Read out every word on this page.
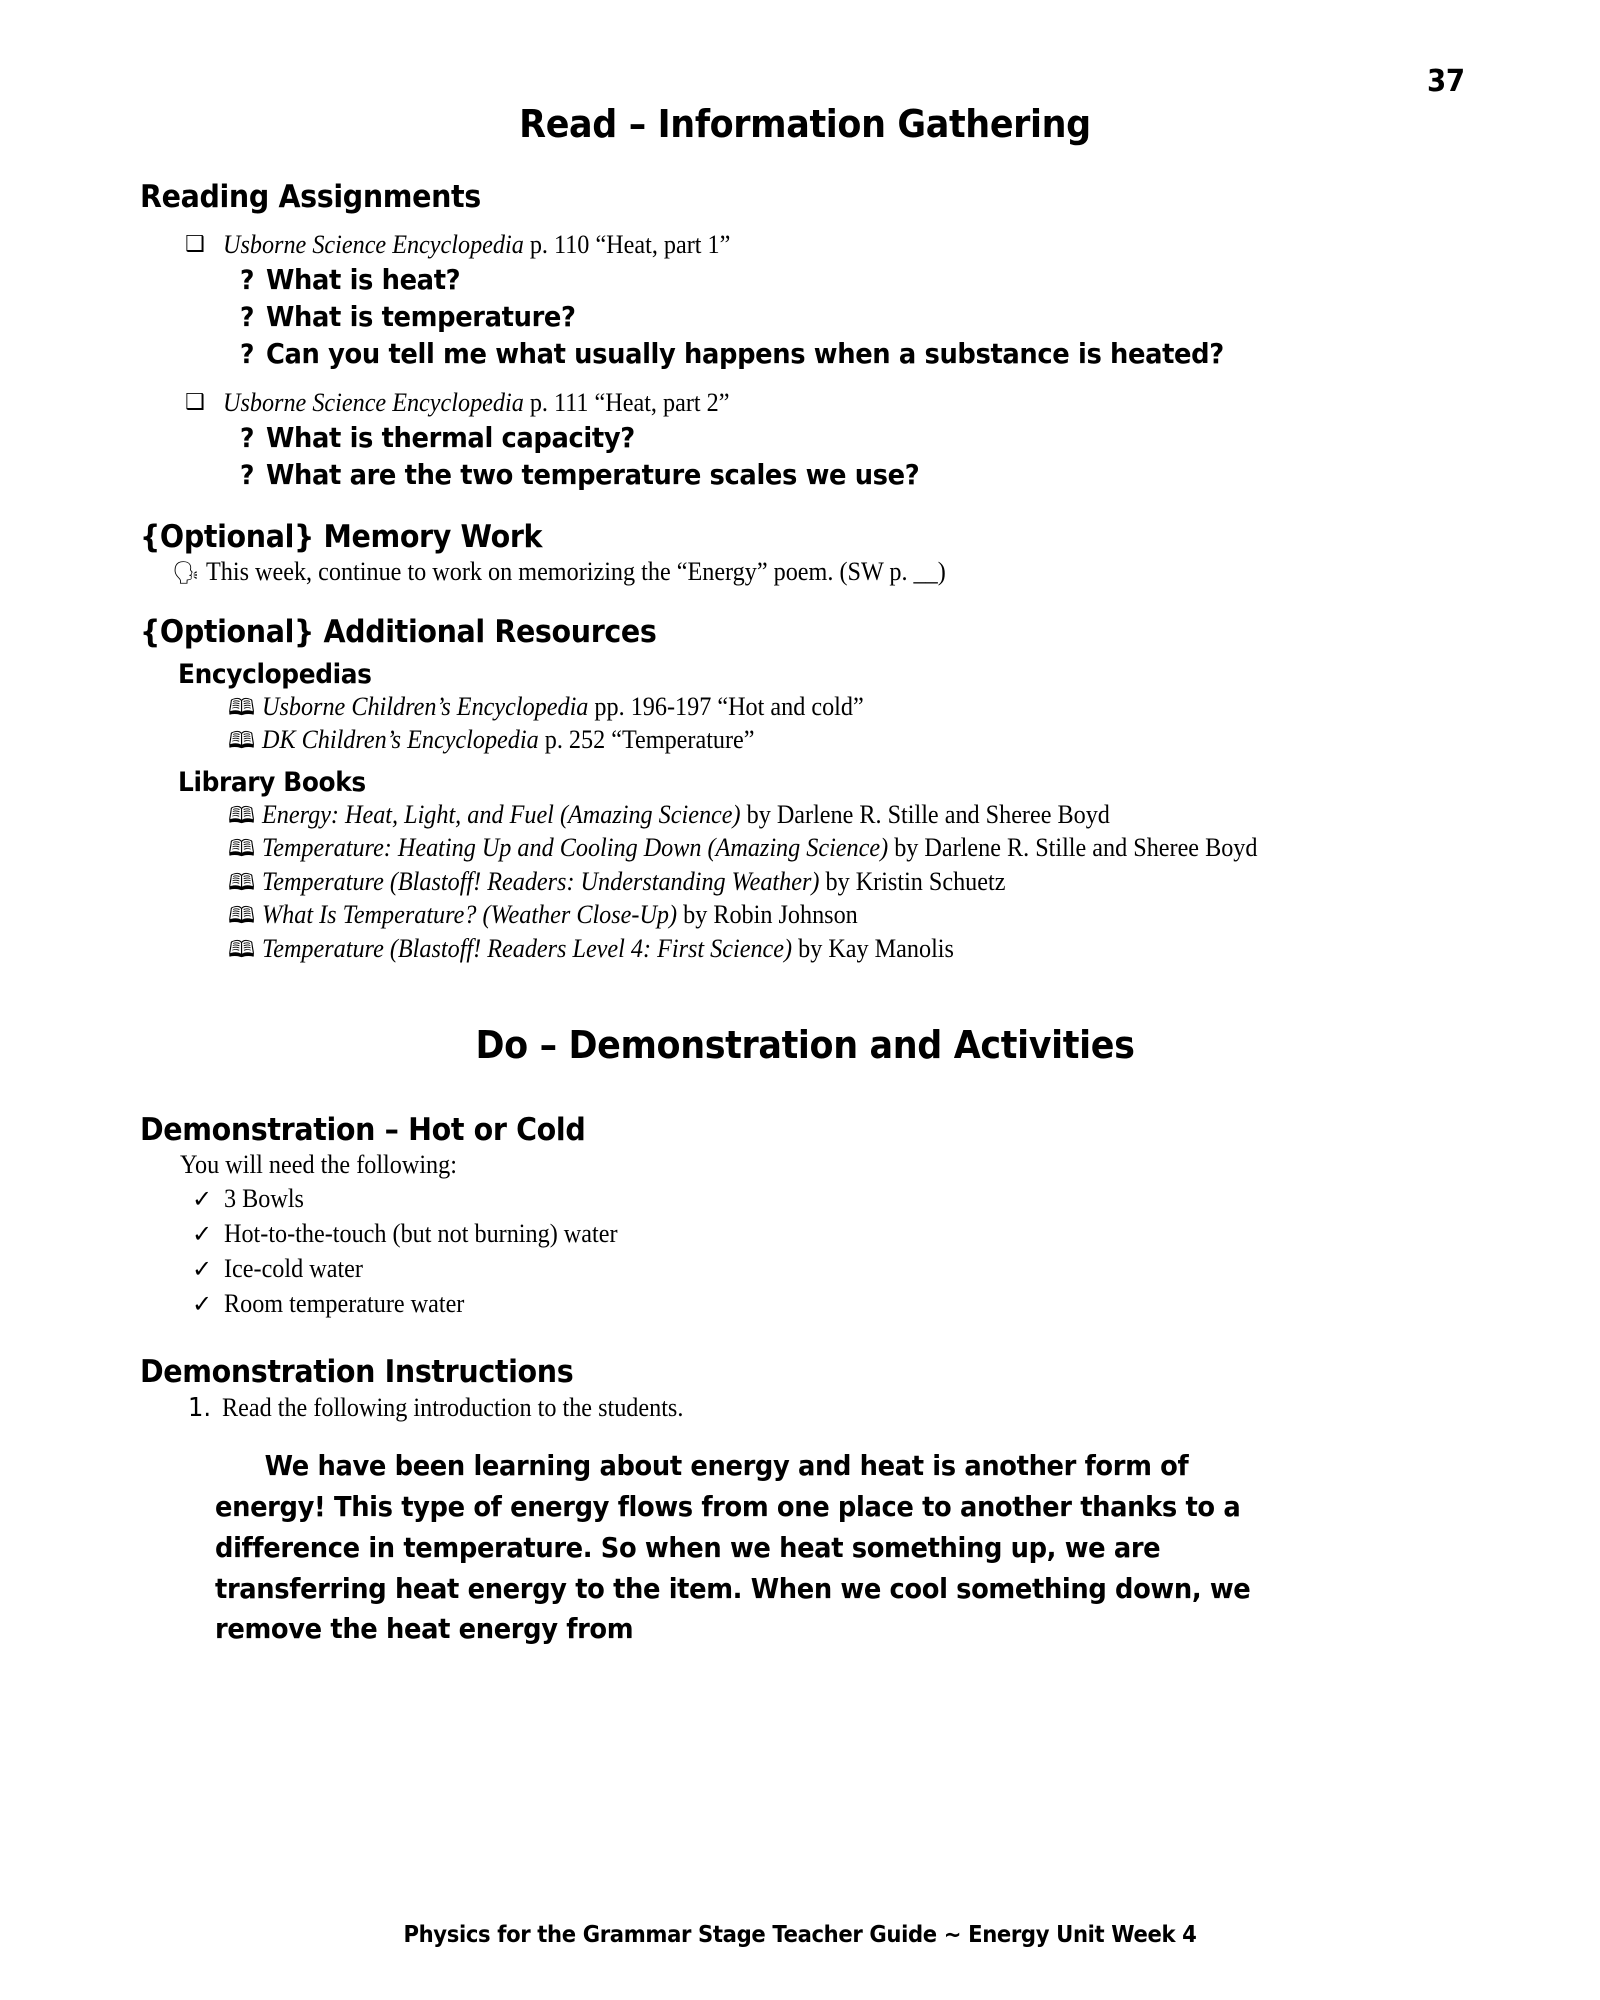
37
Read – Information Gathering
Reading Assignments
❑ Usborne Science Encyclopedia p. 110 “Heat, part 1”
? What is heat?
? What is temperature?
? Can you tell me what usually happens when a substance is heated?
❑ Usborne Science Encyclopedia p. 111 “Heat, part 2”
? What is thermal capacity?
? What are the two temperature scales we use?
{Optional} Memory Work
🗣 This week, continue to work on memorizing the “Energy” poem. (SW p. __)
{Optional} Additional Resources
Encyclopedias
🕮 Usborne Children’s Encyclopedia pp. 196-197 “Hot and cold”
🕮 DK Children’s Encyclopedia p. 252 “Temperature”
Library Books
🕮 Energy: Heat, Light, and Fuel (Amazing Science) by Darlene R. Stille and Sheree Boyd
🕮 Temperature: Heating Up and Cooling Down (Amazing Science) by Darlene R. Stille and Sheree Boyd
🕮 Temperature (Blastoff! Readers: Understanding Weather) by Kristin Schuetz
🕮 What Is Temperature? (Weather Close-Up) by Robin Johnson
🕮 Temperature (Blastoff! Readers Level 4: First Science) by Kay Manolis
Do – Demonstration and Activities
Demonstration – Hot or Cold
You will need the following:
✓ 3 Bowls
✓ Hot-to-the-touch (but not burning) water
✓ Ice-cold water
✓ Room temperature water
Demonstration Instructions
1. Read the following introduction to the students.
We have been learning about energy and heat is another form of energy! This type of energy flows from one place to another thanks to a difference in temperature. So when we heat something up, we are transferring heat energy to the item. When we cool something down, we remove the heat energy from
Physics for the Grammar Stage Teacher Guide ~ Energy Unit Week 4
